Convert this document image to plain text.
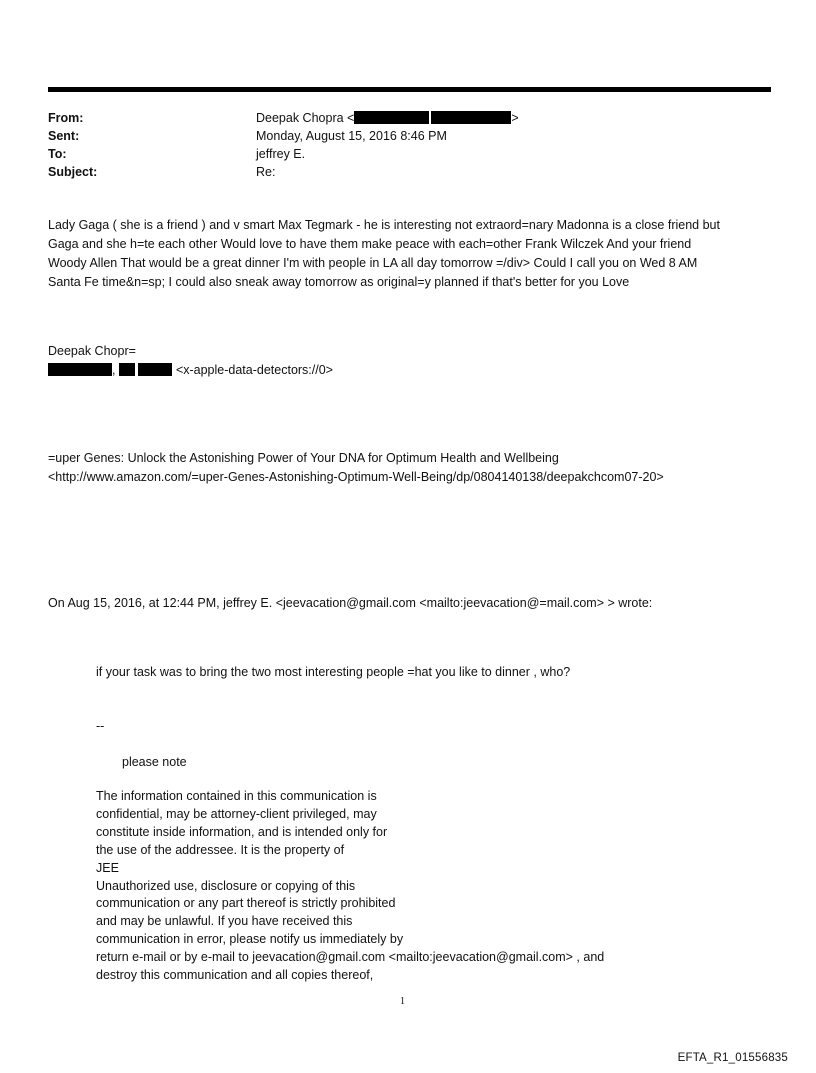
From:	Deepak Chopra <	>
Sent:	Monday, August 15, 2016 8:46 PM
To:	jeffrey E.
Subject:	Re:
Lady Gaga ( she is a friend ) and v smart Max Tegmark - he is interesting not extraord=nary Madonna is a close friend but
Gaga and she h=te each other Would love to have them make peace with each=other Frank Wilczek And your friend
Woody Allen That would be a great dinner I'm with people in LA all day tomorrow =/div> Could I call you on Wed 8 AM
Santa Fe time&n=sp; I could also sneak away tomorrow as original=y planned if that's better for you Love
Deepak Chopr=
,	<x-apple-data-detectors://0>
=uper Genes: Unlock the Astonishing Power of Your DNA for Optimum Health and Wellbeing
<http://www.amazon.com/=uper-Genes-Astonishing-Optimum-Well-Being/dp/0804140138/deepakchcom07-20>
On Aug 15, 2016, at 12:44 PM, jeffrey E. <jeevacation@gmail.com <mailto:jeevacation@=mail.com> > wrote:
if your task was to bring the two most interesting people =hat you like to dinner , who?
--
please note
The information contained in this communication is
confidential, may be attorney-client privileged, may
constitute inside information, and is intended only for
the use of the addressee. It is the property of
JEE
Unauthorized use, disclosure or copying of this
communication or any part thereof is strictly prohibited
and may be unlawful. If you have received this
communication in error, please notify us immediately by
return e-mail or by e-mail to jeevacation@gmail.com <mailto:jeevacation@gmail.com> , and
destroy this communication and all copies thereof,
1
EFTA_R1_01556835
